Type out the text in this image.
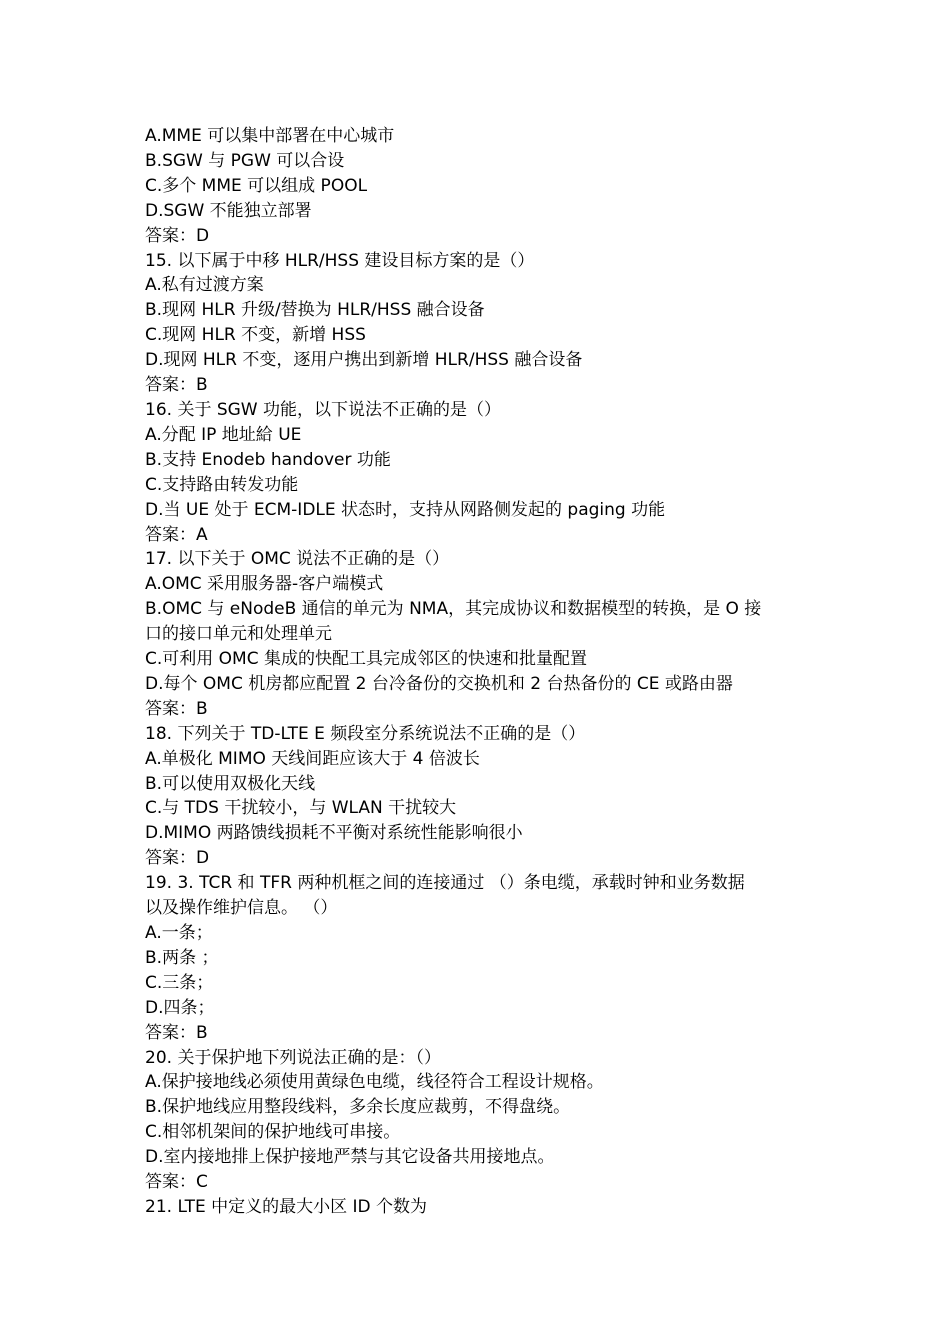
A.MME 可以集中部署在中心城市
B.SGW 与 PGW 可以合设
C.多个 MME 可以组成 POOL
D.SGW 不能独立部署
答案：D
15. 以下属于中移 HLR/HSS 建设目标方案的是（）
A.私有过渡方案
B.现网 HLR 升级/替换为 HLR/HSS 融合设备
C.现网 HLR 不变，新增 HSS
D.现网 HLR 不变，逐用户携出到新增 HLR/HSS 融合设备
答案：B
16. 关于 SGW 功能，以下说法不正确的是（）
A.分配 IP 地址給 UE
B.支持 Enodeb handover 功能
C.支持路由转发功能
D.当 UE 处于 ECM-IDLE 状态时，支持从网路侧发起的 paging 功能
答案：A
17. 以下关于 OMC 说法不正确的是（）
A.OMC 采用服务器-客户端模式
B.OMC 与 eNodeB 通信的单元为 NMA，其完成协议和数据模型的转换，是 O 接
口的接口单元和处理单元
C.可利用 OMC 集成的快配工具完成邻区的快速和批量配置
D.每个 OMC 机房都应配置 2 台冷备份的交换机和 2 台热备份的 CE 或路由器
答案：B
18. 下列关于 TD-LTE E 频段室分系统说法不正确的是（）
A.单极化 MIMO 天线间距应该大于 4 倍波长
B.可以使用双极化天线
C.与 TDS 干扰较小，与 WLAN 干扰较大
D.MIMO 两路馈线损耗不平衡对系统性能影响很小
答案：D
19. 3. TCR 和 TFR 两种机框之间的连接通过 （）条电缆，承载时钟和业务数据
以及操作维护信息。 （）
A.一条；
B.两条 ；
C.三条；
D.四条；
答案：B
20. 关于保护地下列说法正确的是：（）
A.保护接地线必须使用黄绿色电缆，线径符合工程设计规格。
B.保护地线应用整段线料，多余长度应裁剪，不得盘绕。
C.相邻机架间的保护地线可串接。
D.室内接地排上保护接地严禁与其它设备共用接地点。
答案：C
21. LTE 中定义的最大小区 ID 个数为
